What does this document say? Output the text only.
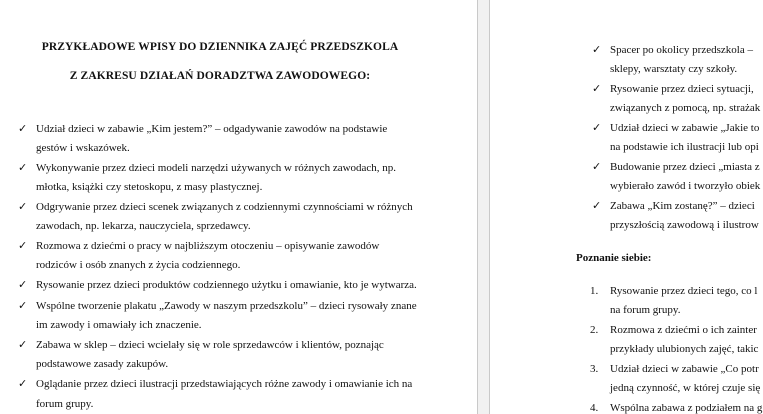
PRZYKŁADOWE WPISY DO DZIENNIKA ZAJĘĆ PRZEDSZKOLA
Z ZAKRESU DZIAŁAŃ DORADZTWA ZAWODOWEGO:
✓ Udział dzieci w zabawie „Kim jestem?” – odgadywanie zawodów na podstawie
gestów i wskazówek.
✓ Wykonywanie przez dzieci modeli narzędzi używanych w różnych zawodach, np.
młotka, książki czy stetoskopu, z masy plastycznej.
✓ Odgrywanie przez dzieci scenek związanych z codziennymi czynnościami w różnych
zawodach, np. lekarza, nauczyciela, sprzedawcy.
✓ Rozmowa z dziećmi o pracy w najbliższym otoczeniu – opisywanie zawodów
rodziców i osób znanych z życia codziennego.
✓ Rysowanie przez dzieci produktów codziennego użytku i omawianie, kto je wytwarza.
✓ Wspólne tworzenie plakatu „Zawody w naszym przedszkolu” – dzieci rysowały znane
im zawody i omawiały ich znaczenie.
✓ Zabawa w sklep – dzieci wcielały się w role sprzedawców i klientów, poznając
podstawowe zasady zakupów.
✓ Oglądanie przez dzieci ilustracji przedstawiających różne zawody i omawianie ich na
forum grupy.
✓ Spacer po okolicy przedszkola –
sklepy, warsztaty czy szkoły.
✓ Rysowanie przez dzieci sytuacji,
związanych z pomocą, np. strażak
✓ Udział dzieci w zabawie „Jakie to
na podstawie ich ilustracji lub opi
✓ Budowanie przez dzieci „miasta z
wybierało zawód i tworzyło obiek
✓ Zabawa „Kim zostanę?” – dzieci
przyszłością zawodową i ilustrow
Poznanie siebie:
1. Rysowanie przez dzieci tego, co l
na forum grupy.
2. Rozmowa z dziećmi o ich zainter
przykłady ulubionych zajęć, takic
3. Udział dzieci w zabawie „Co potr
jedną czynność, w której czuje się
4. Wspólna zabawa z podziałem na g
